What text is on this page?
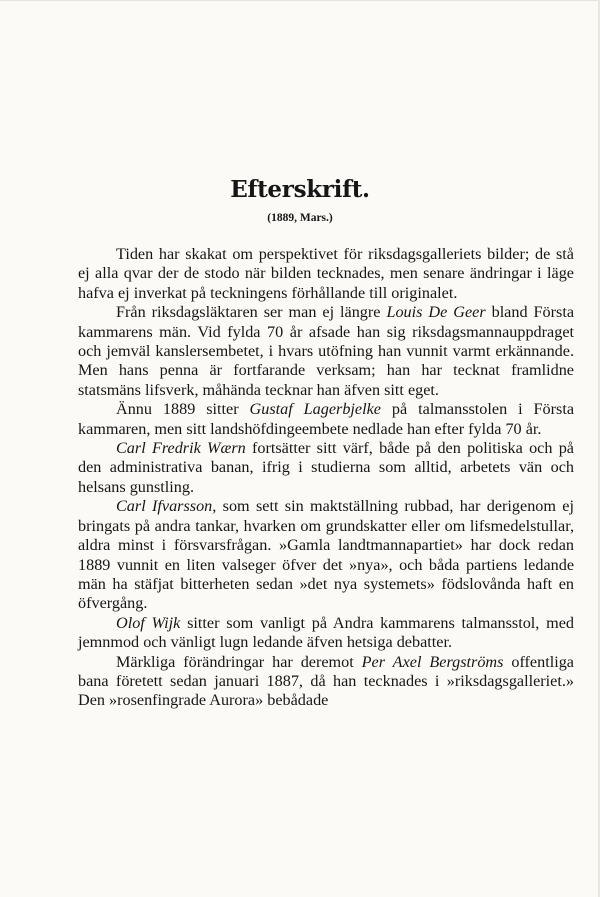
Efterskrift.

(1889, Mars.)

Tiden har skakat om perspektivet för riksdagsgalleriets bilder; de stå ej alla qvar der de stodo när bilden tecknades, men senare ändringar i läge hafva ej inverkat på teckningens förhållande till originalet.

Från riksdagsläktaren ser man ej längre Louis De Geer bland Första kammarens män. Vid fylda 70 år afsade han sig riksdagsmannauppdraget och jemväl kanslersembetet, i hvars utöfning han vunnit varmt erkännande. Men hans penna är fortfarande verksam; han har tecknat framlidne statsmäns lifsverk, måhända tecknar han äfven sitt eget.

Ännu 1889 sitter Gustaf Lagerbjelke på talmansstolen i Första kammaren, men sitt landshöfdingeembete nedlade han efter fylda 70 år.

Carl Fredrik Wærn fortsätter sitt värf, både på den politiska och på den administrativa banan, ifrig i studierna som alltid, arbetets vän och helsans gunstling.

Carl Ifvarsson, som sett sin maktställning rubbad, har derigenom ej bringats på andra tankar, hvarken om grundskatter eller om lifsmedelstullar, aldra minst i försvarsfrågan. »Gamla landtmannapartiet» har dock redan 1889 vunnit en liten valseger öfver det »nya», och båda partiens ledande män ha stäfjat bitterheten sedan »det nya systemets» födslovånda haft en öfvergång.

Olof Wijk sitter som vanligt på Andra kammarens talmansstol, med jemnmod och vänligt lugn ledande äfven hetsiga debatter.

Märkliga förändringar har deremot Per Axel Bergströms offentliga bana företett sedan januari 1887, då han tecknades i »riksdagsgalleriet.» Den »rosenfingrade Aurora» bebådade
